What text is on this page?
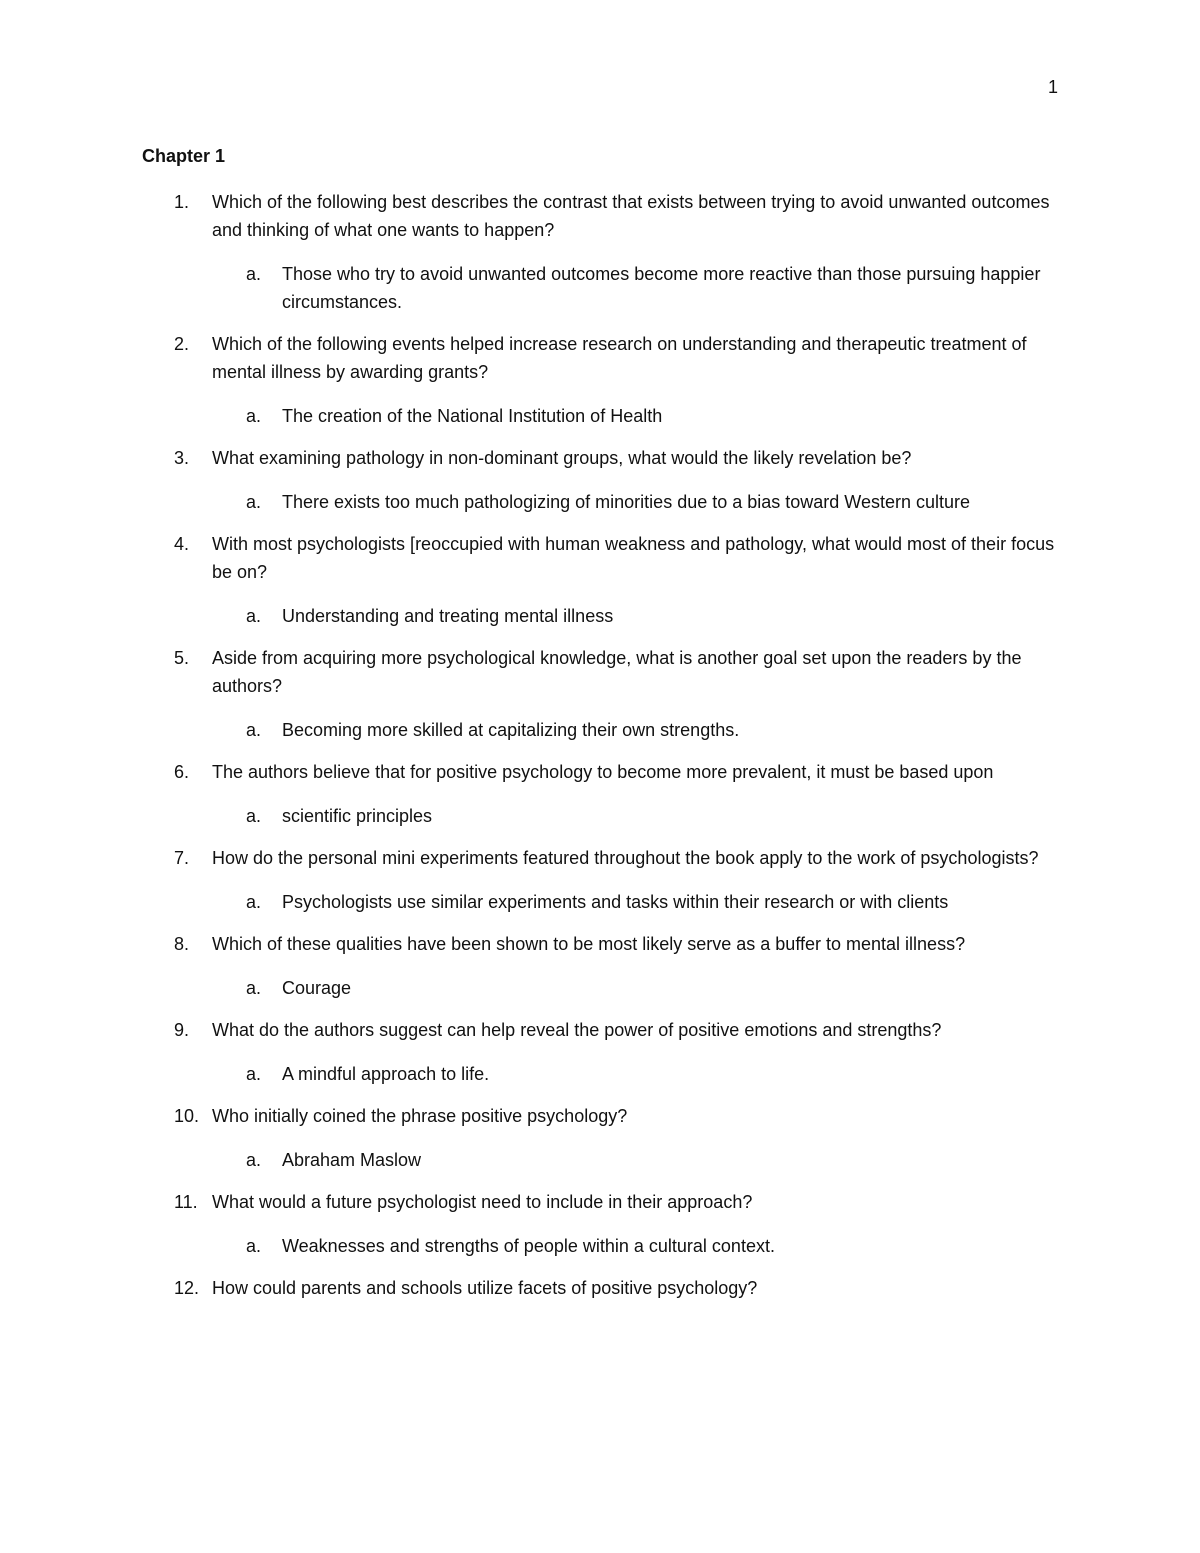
1
Chapter 1
1.	Which of the following best describes the contrast that exists between trying to avoid unwanted outcomes and thinking of what one wants to happen?
a.	Those who try to avoid unwanted outcomes become more reactive than those pursuing happier circumstances.
2.	Which of the following events helped increase research on understanding and therapeutic treatment of mental illness by awarding grants?
a.	The creation of the National Institution of Health
3.	What examining pathology in non-dominant groups, what would the likely revelation be?
a.	There exists too much pathologizing of minorities due to a bias toward Western culture
4.	With most psychologists [reoccupied with human weakness and pathology, what would most of their focus be on?
a.	Understanding and treating mental illness
5.	Aside from acquiring more psychological knowledge, what is another goal set upon the readers by the authors?
a.	Becoming more skilled at capitalizing their own strengths.
6.	The authors believe that for positive psychology to become more prevalent, it must be based upon
a.	scientific principles
7.	How do the personal mini experiments featured throughout the book apply to the work of psychologists?
a.	Psychologists use similar experiments and tasks within their research or with clients
8.	Which of these qualities have been shown to be most likely serve as a buffer to mental illness?
a.	Courage
9.	What do the authors suggest can help reveal the power of positive emotions and strengths?
a.	A mindful approach to life.
10. Who initially coined the phrase positive psychology?
a.	Abraham Maslow
11. What would a future psychologist need to include in their approach?
a.	Weaknesses and strengths of people within a cultural context.
12. How could parents and schools utilize facets of positive psychology?
